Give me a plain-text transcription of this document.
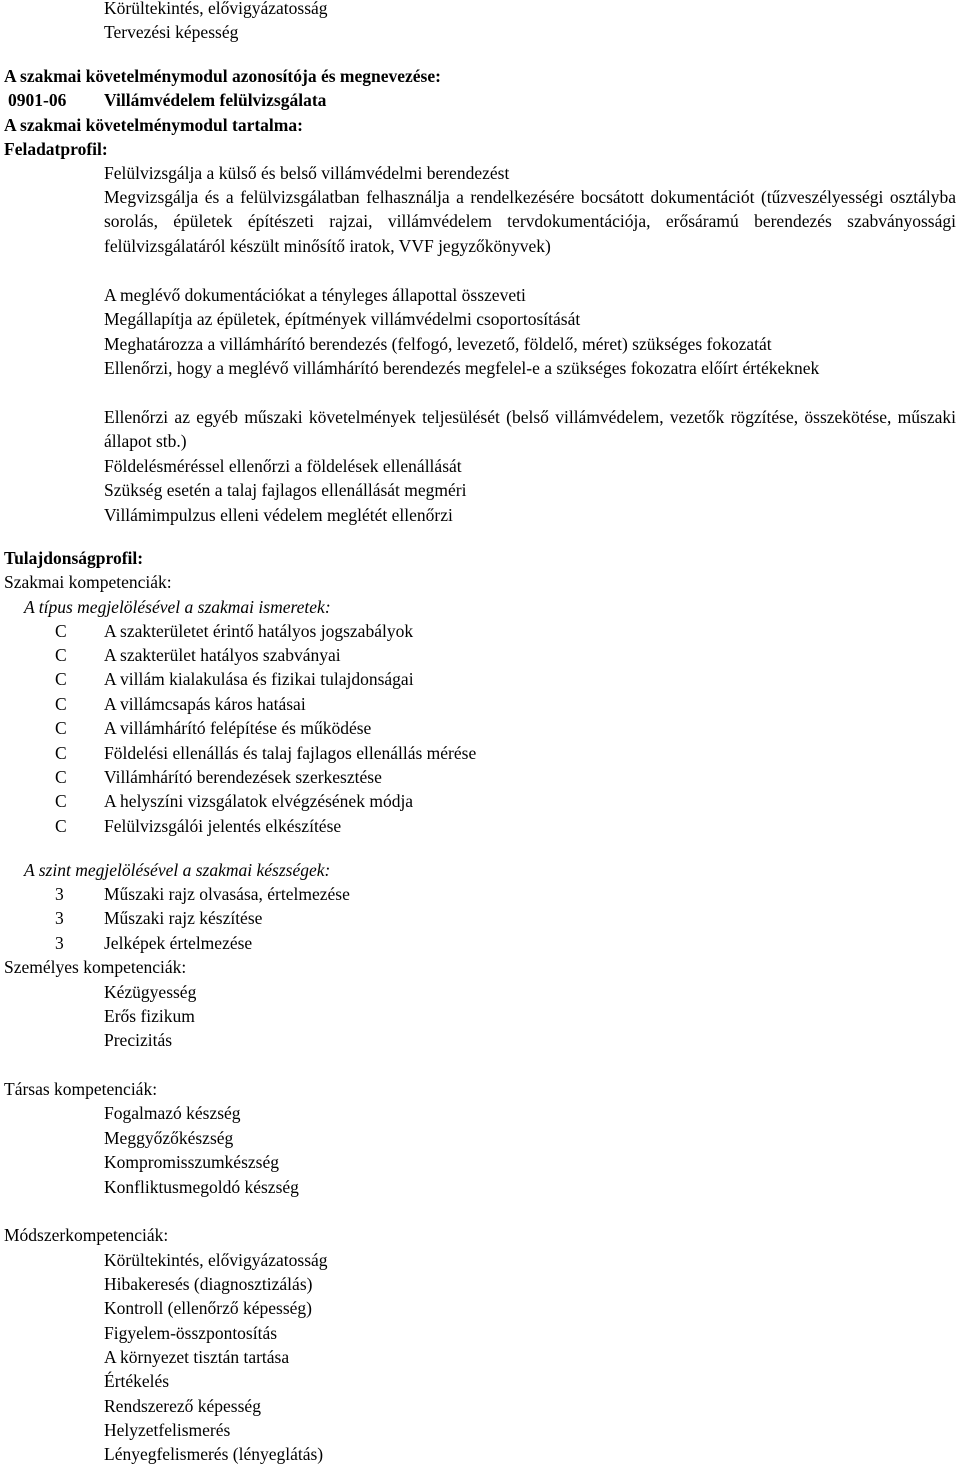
Körültekintés, elővigyázatosság
Tervezési képesség
A szakmai követelménymodul azonosítója és megnevezése:
0901-06 Villámvédelem felülvizsgálata
A szakmai követelménymodul tartalma:
Feladatprofil:
Felülvizsgálja a külső és belső villámvédelmi berendezést
Megvizsgálja és a felülvizsgálatban felhasználja a rendelkezésére bocsátott dokumentációt (tűzveszélyességi osztályba sorolás, épületek építészeti rajzai, villámvédelem tervdokumentációja, erősáramú berendezés szabványossági felülvizsgálatáról készült minősítő iratok, VVF jegyzőkönyvek)
A meglévő dokumentációkat a tényleges állapottal összeveti
Megállapítja az épületek, építmények villámvédelmi csoportosítását
Meghatározza a villámhárító berendezés (felfogó, levezető, földelő, méret) szükséges fokozatát
Ellenőrzi, hogy a meglévő villámhárító berendezés megfelel-e a szükséges fokozatra előírt értékeknek
Ellenőrzi az egyéb műszaki követelmények teljesülését (belső villámvédelem, vezetők rögzítése, összekötése, műszaki állapot stb.)
Földelésméréssel ellenőrzi a földelések ellenállását
Szükség esetén a talaj fajlagos ellenállását megméri
Villámimpulzus elleni védelem meglétét ellenőrzi
Tulajdonságprofil:
Szakmai kompetenciák:
A típus megjelölésével a szakmai ismeretek:
C A szakterületet érintő hatályos jogszabályok
C A szakterület hatályos szabványai
C A villám kialakulása és fizikai tulajdonságai
C A villámcsapás káros hatásai
C A villámhárító felépítése és működése
C Földelési ellenállás és talaj fajlagos ellenállás mérése
C Villámhárító berendezések szerkesztése
C A helyszíni vizsgálatok elvégzésének módja
C Felülvizsgálói jelentés elkészítése
A szint megjelölésével a szakmai készségek:
3 Műszaki rajz olvasása, értelmezése
3 Műszaki rajz készítése
3 Jelképek értelmezése
Személyes kompetenciák:
Kézügyesség
Erős fizikum
Precizitás
Társas kompetenciák:
Fogalmazó készség
Meggyőzőkészség
Kompromisszumkészség
Konfliktusmegoldó készség
Módszerkompetenciák:
Körültekintés, elővigyázatosság
Hibakeresés (diagnosztizálás)
Kontroll (ellenőrző képesség)
Figyelem-összpontosítás
A környezet tisztán tartása
Értékelés
Rendszerező képesség
Helyzetfelismerés
Lényegfelismerés (lényeglátás)
